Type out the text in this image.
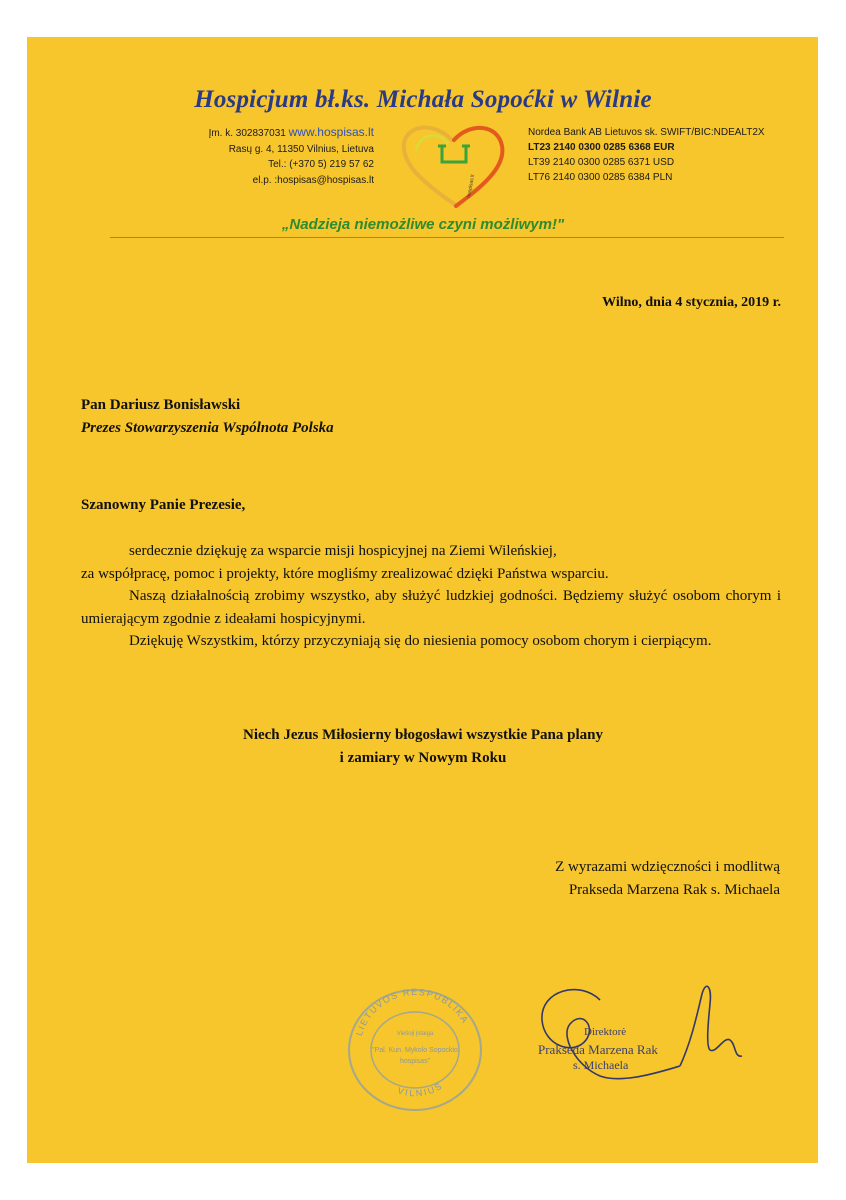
Hospicjum bł.ks. Michała Sopoćki w Wilnie
Įm. k. 302837031 www.hospisas.lt
Rasų g. 4, 11350 Vilnius, Lietuva
Tel.: (+370 5) 219 57 62
el.p. :hospisas@hospisas.lt	hospisas.lt
Nordea Bank AB Lietuvos sk. SWIFT/BIC:NDEALT2X
LT23 2140 0300 0285 6368 EUR
LT39 2140 0300 0285 6371 USD
LT76 2140 0300 0285 6384 PLN
„Nadzieja niemożliwe czyni możliwym!"
Wilno, dnia 4 stycznia, 2019 r.
Pan Dariusz Bonisławski
Prezes Stowarzyszenia Wspólnota Polska
Szanowny Panie Prezesie,

serdecznie dziękuję za wsparcie misji hospicyjnej na Ziemi Wileńskiej,

za współpracę, pomoc i projekty, które mogliśmy zrealizować dzięki Państwa wsparciu.

Naszą działalnością zrobimy wszystko, aby służyć ludzkiej godności. Będziemy służyć osobom chorym i umierającym zgodnie z ideałami hospicyjnymi.

Dziękuję Wszystkim, którzy przyczyniają się do niesienia pomocy osobom chorym i cierpiącym.

Niech Jezus Miłosierny błogosławi wszystkie Pana plany
i zamiary w Nowym Roku
Z wyrazami wdzięczności i modlitwą
Prakseda Marzena Rak s. Michaela
LIETUVOS RESPUBLIKA
VILNIUS
Viešoji įstaiga
"Pal. Kun. Mykolo Sopockio
hospisas"
Direktorė
Prakseda Marzena Rak
s. Michaela
